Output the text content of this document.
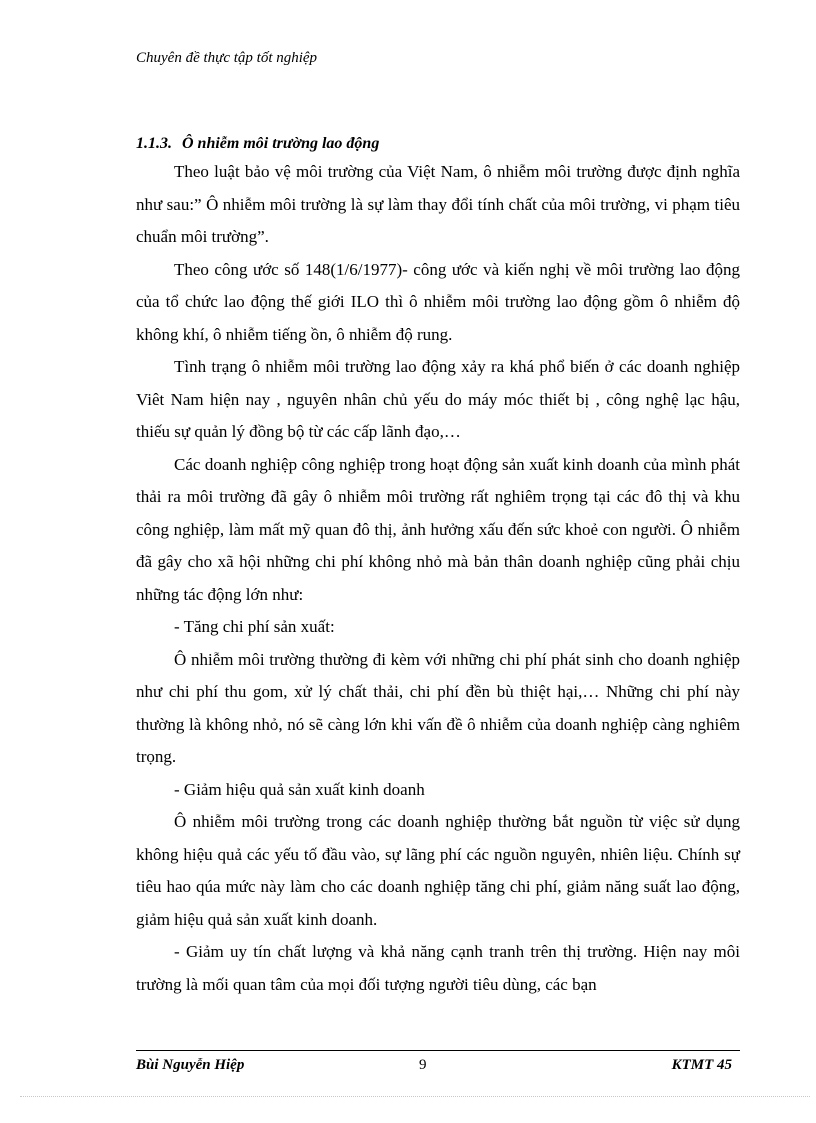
Chuyên đề thực tập tốt nghiệp
1.1.3. Ô nhiễm môi trường lao động

Theo luật bảo vệ môi trường của Việt Nam, ô nhiễm môi trường được định nghĩa như sau:” Ô nhiễm môi trường là sự làm thay đổi tính chất của môi trường, vi phạm tiêu chuẩn môi trường”.

Theo công ước số 148(1/6/1977)- công ước và kiến nghị về môi trường lao động của tổ chức lao động thế giới ILO thì ô nhiễm môi trường lao động gồm ô nhiễm độ không khí, ô nhiễm tiếng ồn, ô nhiễm độ rung.

Tình trạng ô nhiễm môi trường lao động xảy ra khá phổ biến ở các doanh nghiệp Viêt Nam hiện nay , nguyên nhân chủ yếu do máy móc thiết bị , công nghệ lạc hậu, thiếu sự quản lý đồng bộ từ các cấp lãnh đạo,…

Các doanh nghiệp công nghiệp trong hoạt động sản xuất kinh doanh của mình phát thải ra môi trường đã gây ô nhiễm môi trường rất nghiêm trọng tại các đô thị và khu công nghiệp, làm mất mỹ quan đô thị, ảnh hưởng xấu đến sức khoẻ con người. Ô nhiễm đã gây cho xã hội những chi phí không nhỏ mà bản thân doanh nghiệp cũng phải chịu những tác động lớn như:

- Tăng chi phí sản xuất:

Ô nhiễm môi trường thường đi kèm với những chi phí phát sinh cho doanh nghiệp như chi phí thu gom, xử lý chất thải, chi phí đền bù thiệt hại,… Những chi phí này thường là không nhỏ, nó sẽ càng lớn khi vấn đề ô nhiễm của doanh nghiệp càng nghiêm trọng.

- Giảm hiệu quả sản xuất kinh doanh

Ô nhiễm môi trường trong các doanh nghiệp thường bắt nguồn từ việc sử dụng không hiệu quả các yếu tố đầu vào, sự lãng phí các nguồn nguyên, nhiên liệu. Chính sự tiêu hao qúa mức này làm cho các doanh nghiệp tăng chi phí, giảm năng suất lao động, giảm hiệu quả sản xuất kinh doanh.

- Giảm uy tín chất lượng và khả năng cạnh tranh trên thị trường. Hiện nay môi trường là mối quan tâm của mọi đối tượng người tiêu dùng, các bạn

Bùi Nguyễn Hiệp	9	KTMT 45
